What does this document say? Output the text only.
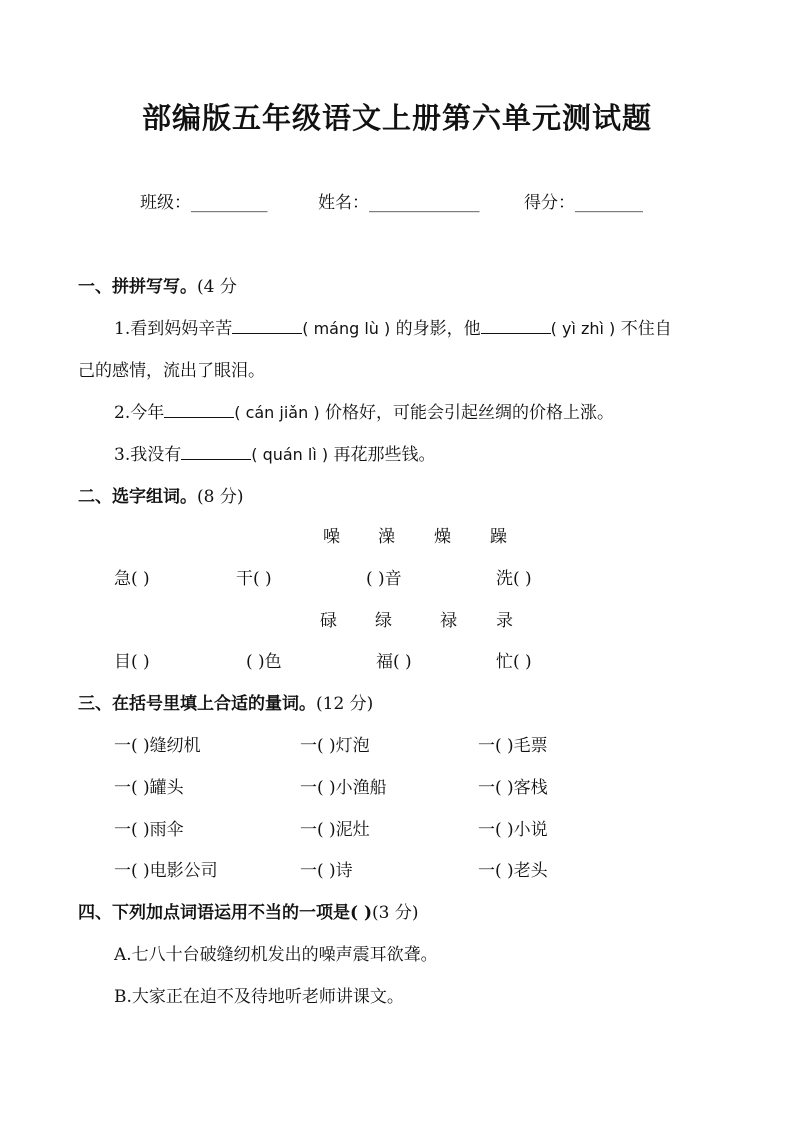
部编版五年级语文上册第六单元测试题
班级：_________	姓名：_____________	得分：________
一、拼拼写写。(4 分
1.看到妈妈辛苦	( máng lù ) 的身影，他	( yì zhì ) 不住自
己的感情，流出了眼泪。
2.今年	( cán jiǎn ) 价格好，可能会引起丝绸的价格上涨。
3.我没有	( quán lì ) 再花那些钱。
二、选字组词。(8 分)
噪 澡 燥 躁
急( )	干( )	( )音	洗( )
碌 绿	禄 录
目( )	( )色	福( )	忙( )
三、在括号里填上合适的量词。(12 分)
一( )缝纫机	一( )灯泡	一( )毛票
一( )罐头	一( )小渔船	一( )客栈
一( )雨伞	一( )泥灶	一( )小说
一( )电影公司	一( )诗	一( )老头
四、下列加点词语运用不当的一项是( )(3 分)
A.七八十台破缝纫机发出的噪声震耳欲聋。
B.大家正在迫不及待地听老师讲课文。
